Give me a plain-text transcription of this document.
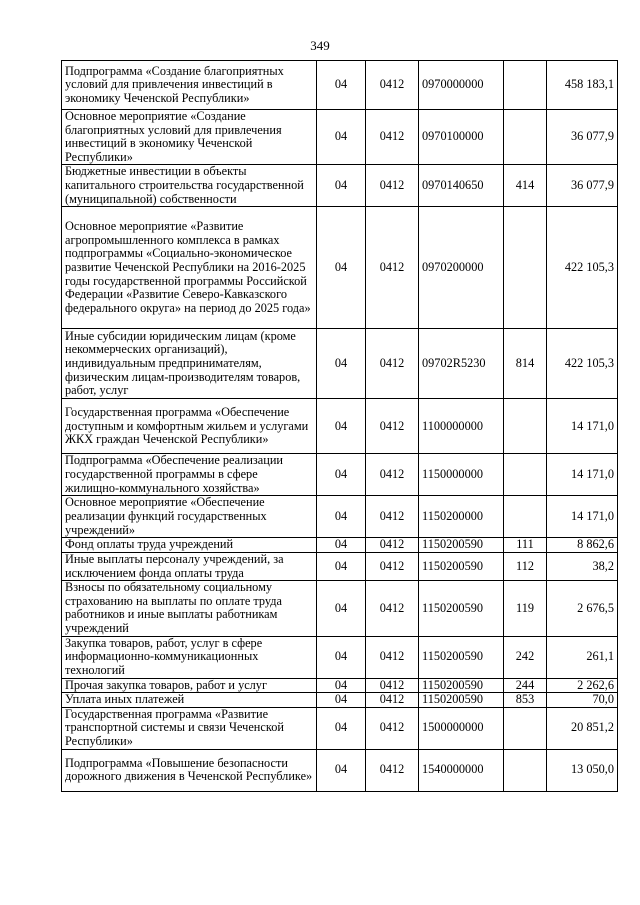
349
Подпрограмма «Создание благоприятных условий для привлечения инвестиций в экономику Чеченской Республики»	04	0412	0970000000		458 183,1
Основное мероприятие «Создание благоприятных условий для привлечения инвестиций в экономику Чеченской Республики»	04	0412	0970100000		36 077,9
Бюджетные инвестиции в объекты капитального строительства государственной (муниципальной) собственности	04	0412	0970140650	414	36 077,9
Основное мероприятие «Развитие агропромышленного комплекса в рамках подпрограммы «Социально-экономическое развитие Чеченской Республики на 2016-2025 годы государственной программы Российской Федерации «Развитие Северо-Кавказского федерального округа» на период до 2025 года»	04	0412	0970200000		422 105,3
Иные субсидии юридическим лицам (кроме некоммерческих организаций), индивидуальным предпринимателям, физическим лицам-производителям товаров, работ, услуг	04	0412	09702R5230	814	422 105,3
Государственная программа «Обеспечение доступным и комфортным жильем и услугами ЖКХ граждан Чеченской Республики»	04	0412	1100000000		14 171,0
Подпрограмма «Обеспечение реализации государственной программы в сфере жилищно-коммунального хозяйства»	04	0412	1150000000		14 171,0
Основное мероприятие «Обеспечение реализации функций государственных учреждений»	04	0412	1150200000		14 171,0
Фонд оплаты труда учреждений	04	0412	1150200590	111	8 862,6
Иные выплаты персоналу учреждений, за исключением фонда оплаты труда	04	0412	1150200590	112	38,2
Взносы по обязательному социальному страхованию на выплаты по оплате труда работников и иные выплаты работникам учреждений	04	0412	1150200590	119	2 676,5
Закупка товаров, работ, услуг в сфере информационно-коммуникационных технологий	04	0412	1150200590	242	261,1
Прочая закупка товаров, работ и услуг	04	0412	1150200590	244	2 262,6
Уплата иных платежей	04	0412	1150200590	853	70,0
Государственная программа «Развитие транспортной системы и связи Чеченской Республики»	04	0412	1500000000		20 851,2
Подпрограмма «Повышение безопасности дорожного движения в Чеченской Республике»	04	0412	1540000000		13 050,0
